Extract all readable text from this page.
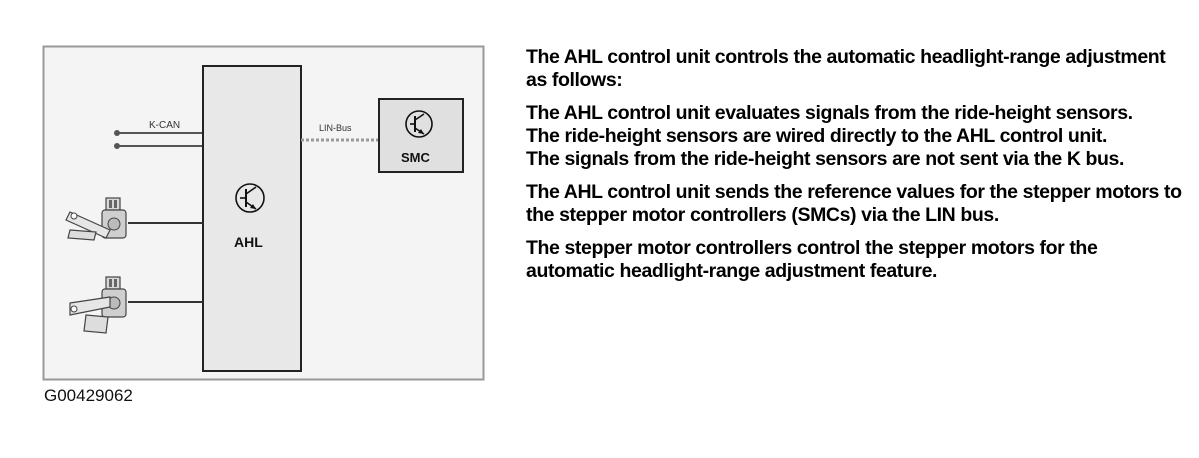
K-CAN
AHL
LIN-Bus
SMC
G00429062

The AHL control unit controls the automatic headlight-range adjustment as follows:

The AHL control unit evaluates signals from the ride-height sensors.

The ride-height sensors are wired directly to the AHL control unit.

The signals from the ride-height sensors are not sent via the K bus.

The AHL control unit sends the reference values for the stepper motors to the stepper motor controllers (SMCs) via the LIN bus.

The stepper motor controllers control the stepper motors for the automatic headlight-range adjustment feature.
